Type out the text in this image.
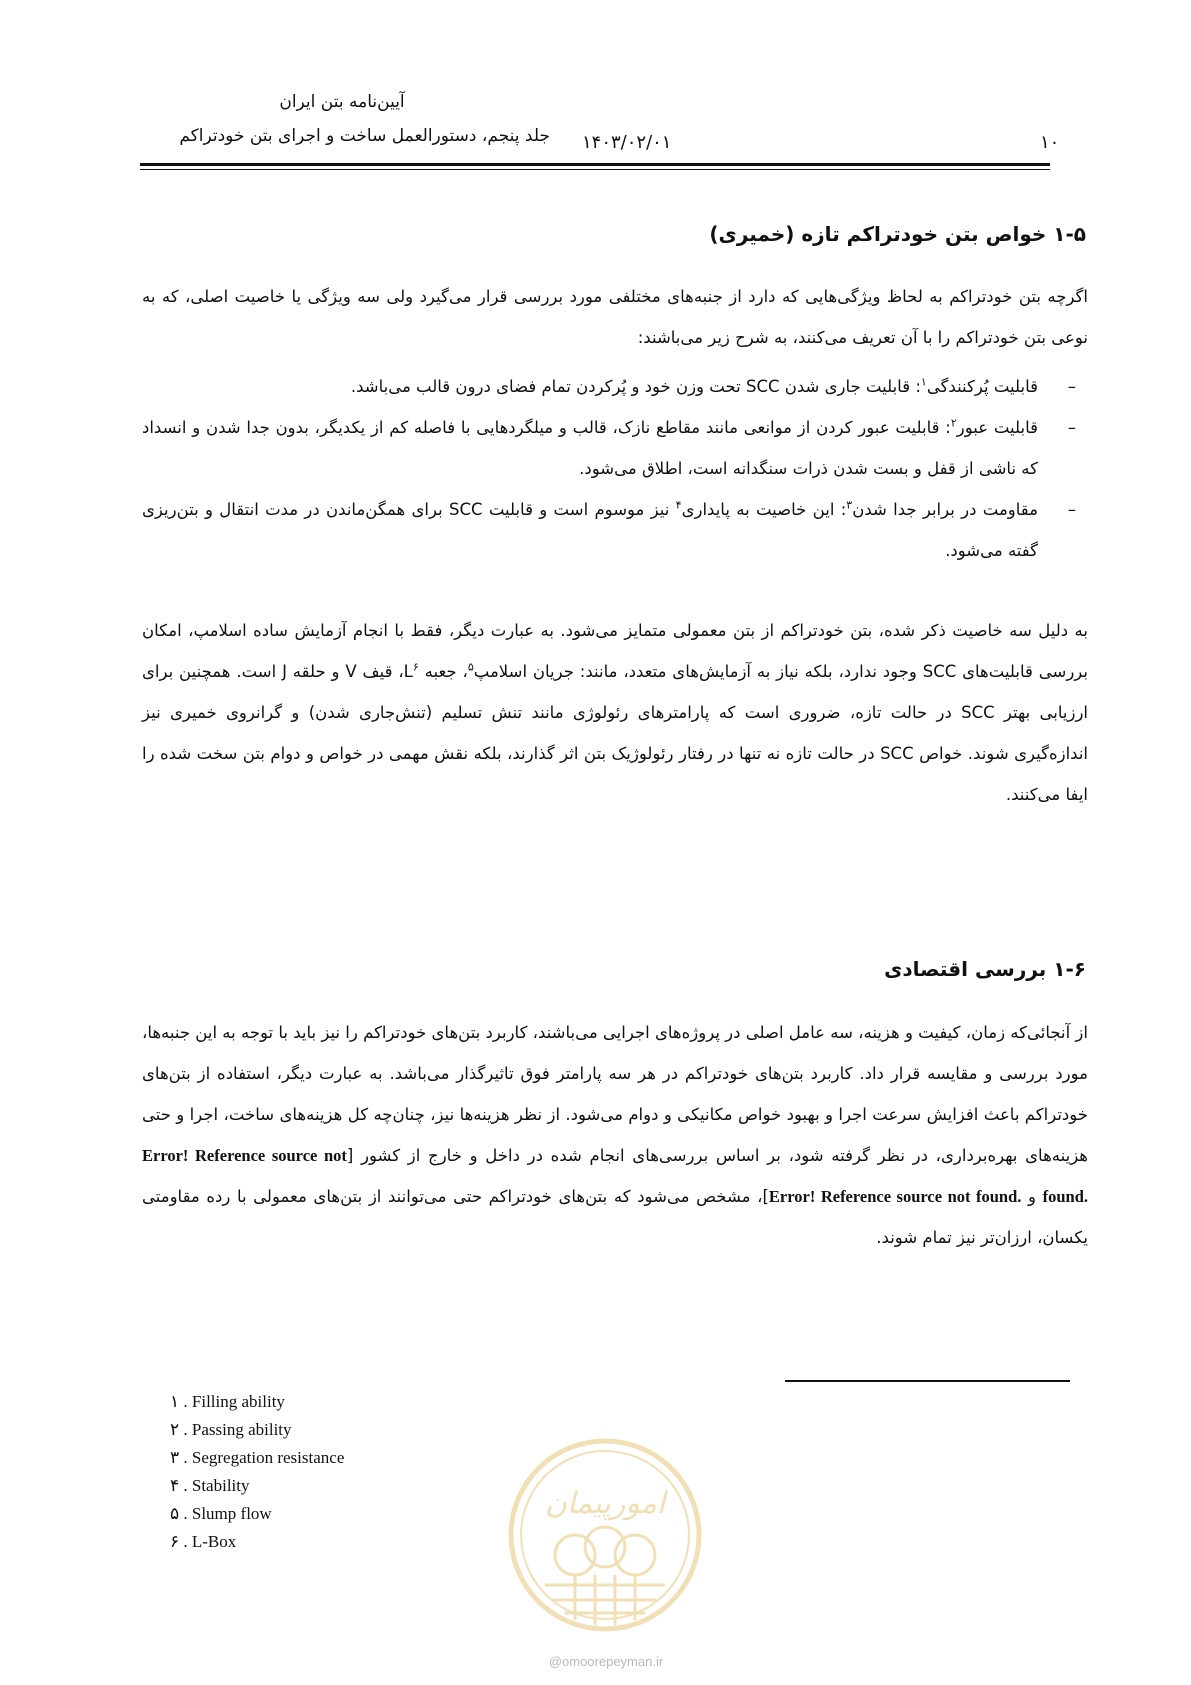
آیین‌نامه بتن ایران
جلد پنجم، دستورالعمل ساخت و اجرای بتن خودتراکم ۱۴۰۳/۰۲/۰۱	۱۰
۱-۵ خواص بتن خودتراکم تازه (خمیری)

اگرچه بتن خودتراکم به لحاظ ویژگی‌هایی که دارد از جنبه‌های مختلفی مورد بررسی قرار می‌گیرد ولی سه ویژگی یا خاصیت اصلی، که به نوعی بتن خودتراکم را با آن تعریف می‌کنند، به شرح زیر می‌باشند:

– قابلیت پُرکنندگی$^۱$: قابلیت جاری شدن SCC تحت وزن خود و پُرکردن تمام فضای درون قالب می‌باشد.
– قابلیت عبور$^۲$: قابلیت عبور کردن از موانعی مانند مقاطع نازک، قالب و میلگردهایی با فاصله کم از یکدیگر، بدون جدا شدن و انسداد که ناشی از قفل و بست شدن ذرات سنگدانه است، اطلاق می‌شود.
– مقاومت در برابر جدا شدن$^۳$: این خاصیت به پایداری$^۴$ نیز موسوم است و قابلیت SCC برای همگن‌ماندن در مدت انتقال و بتن‌ریزی گفته می‌شود.

به دلیل سه خاصیت ذکر شده، بتن خودتراکم از بتن معمولی متمایز می‌شود. به عبارت دیگر، فقط با انجام آزمایش ساده اسلامپ، امکان بررسی قابلیت‌های SCC وجود ندارد، بلکه نیاز به آزمایش‌های متعدد، مانند: جریان اسلامپ$^۵$، جعبه $L^۶،$ قیف V و حلقه J است. همچنین برای ارزیابی بهتر SCC در حالت تازه، ضروری است که پارامترهای رئولوژی مانند تنش تسلیم (تنش‌جاری شدن) و گرانروی خمیری نیز اندازه‌گیری شوند. خواص SCC در حالت تازه نه تنها در رفتار رئولوژیک بتن اثر گذارند، بلکه نقش مهمی در خواص و دوام بتن سخت شده را ایفا می‌کنند.

۱-۶ بررسی اقتصادی

از آنجائی‌که زمان، کیفیت و هزینه، سه عامل اصلی در پروژه‌های اجرایی می‌باشند، کاربرد بتن‌های خودتراکم را نیز باید با توجه به این جنبه‌ها، مورد بررسی و مقایسه قرار داد. کاربرد بتن‌های خودتراکم در هر سه پارامتر فوق تاثیرگذار می‌باشد. به عبارت دیگر، استفاده از بتن‌های خودتراکم باعث افزایش سرعت اجرا و بهبود خواص مکانیکی و دوام می‌شود. از نظر هزینه‌ها نیز، چنان‌چه کل هزینه‌های ساخت، اجرا و حتی هزینه‌های بهره‌برداری، در نظر گرفته شود، بر اساس بررسی‌های انجام شده در داخل و خارج از کشور [Error! Reference source not found. و Error! Reference source not found.]، مشخص می‌شود که بتن‌های خودتراکم حتی می‌توانند از بتن‌های معمولی با رده مقاومتی یکسان، ارزان‌تر نیز تمام شوند.

١ . Filling ability
٢ . Passing ability
٣ . Segregation resistance
۴ . Stability
۵ . Slump flow
۶ . L-Box
امورپیمان
@omoorepeyman.ir
